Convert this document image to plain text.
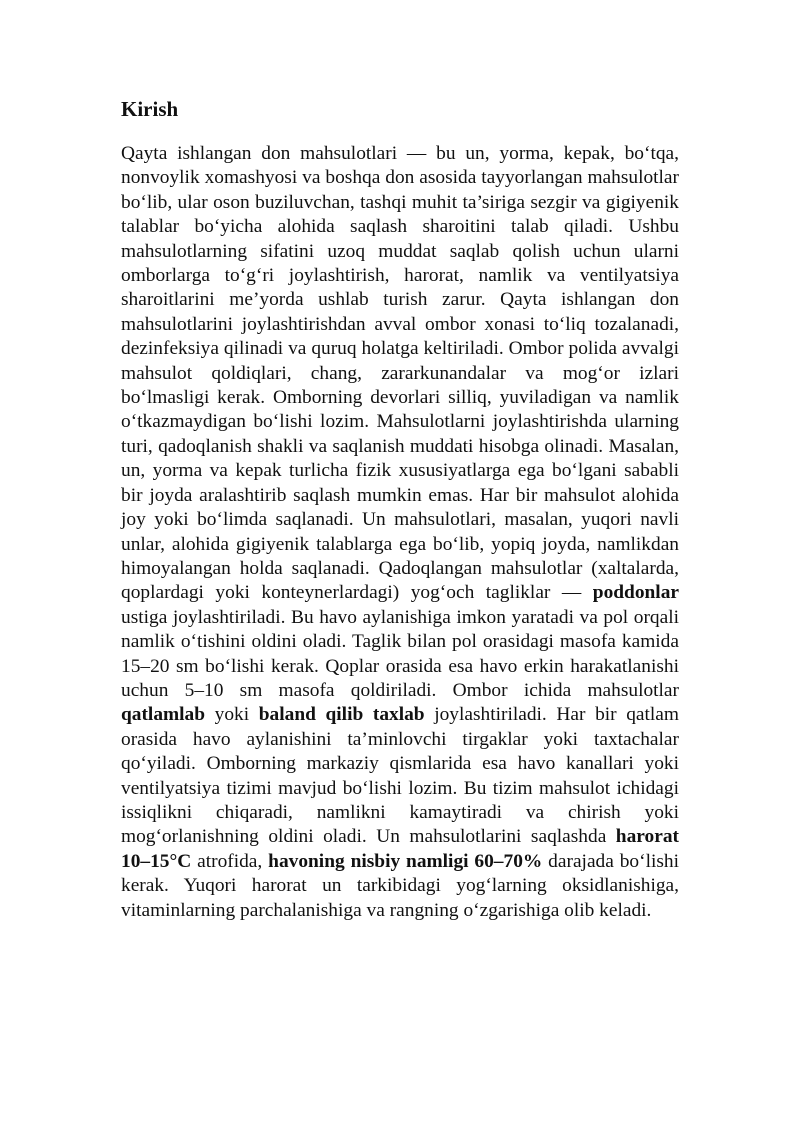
Kirish

Qayta ishlangan don mahsulotlari — bu un, yorma, kepak, bo‘tqa, nonvoylik xomashyosi va boshqa don asosida tayyorlangan mahsulotlar bo‘lib, ular oson buziluvchan, tashqi muhit ta’siriga sezgir va gigiyenik talablar bo‘yicha alohida saqlash sharoitini talab qiladi. Ushbu mahsulotlarning sifatini uzoq muddat saqlab qolish uchun ularni omborlarga to‘g‘ri joylashtirish, harorat, namlik va ventilyatsiya sharoitlarini me’yorda ushlab turish zarur. Qayta ishlangan don mahsulotlarini joylashtirishdan avval ombor xonasi to‘liq tozalanadi, dezinfeksiya qilinadi va quruq holatga keltiriladi. Ombor polida avvalgi mahsulot qoldiqlari, chang, zararkunandalar va mog‘or izlari bo‘lmasligi kerak. Omborning devorlari silliq, yuviladigan va namlik o‘tkazmaydigan bo‘lishi lozim. Mahsulotlarni joylashtirishda ularning turi, qadoqlanish shakli va saqlanish muddati hisobga olinadi. Masalan, un, yorma va kepak turlicha fizik xususiyatlarga ega bo‘lgani sababli bir joyda aralashtirib saqlash mumkin emas. Har bir mahsulot alohida joy yoki bo‘limda saqlanadi. Un mahsulotlari, masalan, yuqori navli unlar, alohida gigiyenik talablarga ega bo‘lib, yopiq joyda, namlikdan himoyalangan holda saqlanadi. Qadoqlangan mahsulotlar (xaltalarda, qoplardagi yoki konteynerlardagi) yog‘och tagliklar — poddonlar ustiga joylashtiriladi. Bu havo aylanishiga imkon yaratadi va pol orqali namlik o‘tishini oldini oladi. Taglik bilan pol orasidagi masofa kamida 15–20 sm bo‘lishi kerak. Qoplar orasida esa havo erkin harakatlanishi uchun 5–10 sm masofa qoldiriladi. Ombor ichida mahsulotlar qatlamlab yoki baland qilib taxlab joylashtiriladi. Har bir qatlam orasida havo aylanishini ta’minlovchi tirgaklar yoki taxtachalar qo‘yiladi. Omborning markaziy qismlarida esa havo kanallari yoki ventilyatsiya tizimi mavjud bo‘lishi lozim. Bu tizim mahsulot ichidagi issiqlikni chiqaradi, namlikni kamaytiradi va chirish yoki mog‘orlanishning oldini oladi. Un mahsulotlarini saqlashda harorat 10–15°C atrofida, havoning nisbiy namligi 60–70% darajada bo‘lishi kerak. Yuqori harorat un tarkibidagi yog‘larning oksidlanishiga, vitaminlarning parchalanishiga va rangning o‘zgarishiga olib keladi.
